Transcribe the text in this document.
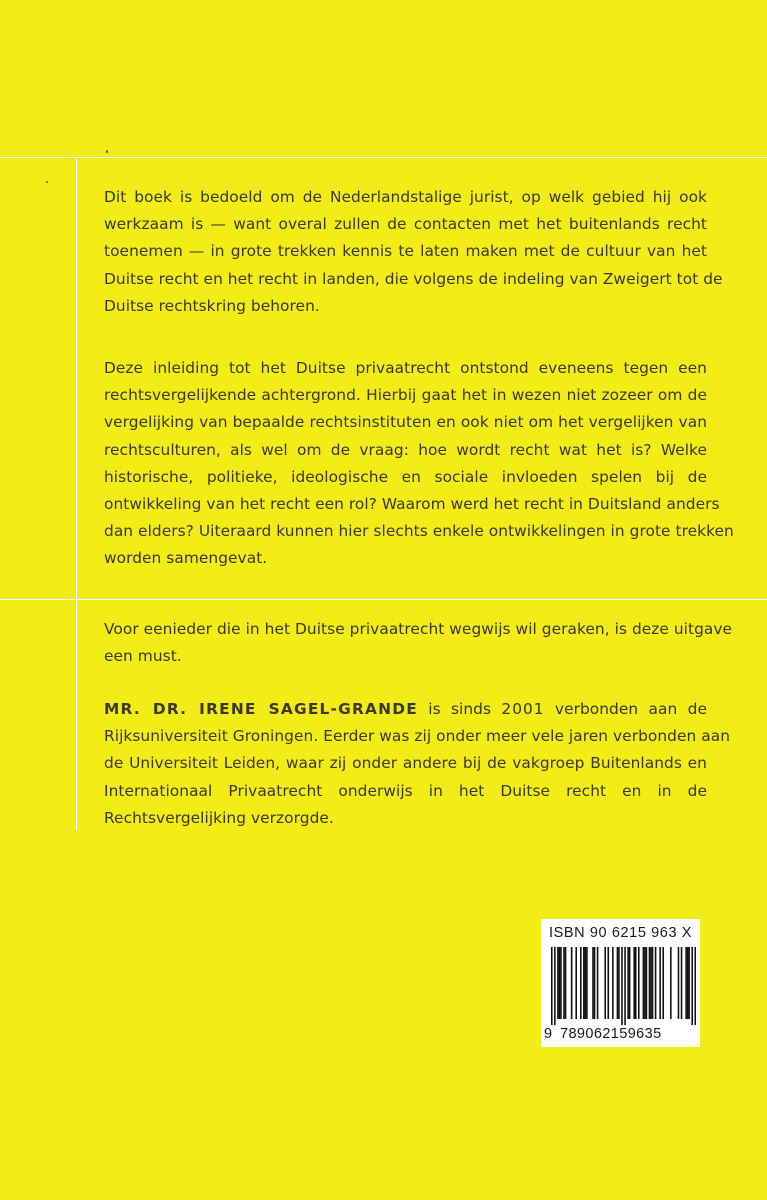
Dit boek is bedoeld om de Nederlandstalige jurist, op welk gebied hij ook
werkzaam is — want overal zullen de contacten met het buitenlands recht
toenemen — in grote trekken kennis te laten maken met de cultuur van het
Duitse recht en het recht in landen, die volgens de indeling van Zweigert tot de
Duitse rechtskring behoren.
Deze inleiding tot het Duitse privaatrecht ontstond eveneens tegen een
rechtsvergelijkende achtergrond. Hierbij gaat het in wezen niet zozeer om de
vergelijking van bepaalde rechtsinstituten en ook niet om het vergelijken van
rechtsculturen, als wel om de vraag: hoe wordt recht wat het is? Welke
historische, politieke, ideologische en sociale invloeden spelen bij de
ontwikkeling van het recht een rol? Waarom werd het recht in Duitsland anders
dan elders? Uiteraard kunnen hier slechts enkele ontwikkelingen in grote trekken
worden samengevat.
Voor eenieder die in het Duitse privaatrecht wegwijs wil geraken, is deze uitgave
een must.
MR. DR. IRENE SAGEL-GRANDE is sinds 2001 verbonden aan de
Rijksuniversiteit Groningen. Eerder was zij onder meer vele jaren verbonden aan
de Universiteit Leiden, waar zij onder andere bij de vakgroep Buitenlands en
Internationaal Privaatrecht onderwijs in het Duitse recht en in de
Rechtsvergelijking verzorgde.
ISBN 90 6215 963 X
9 789062159635
